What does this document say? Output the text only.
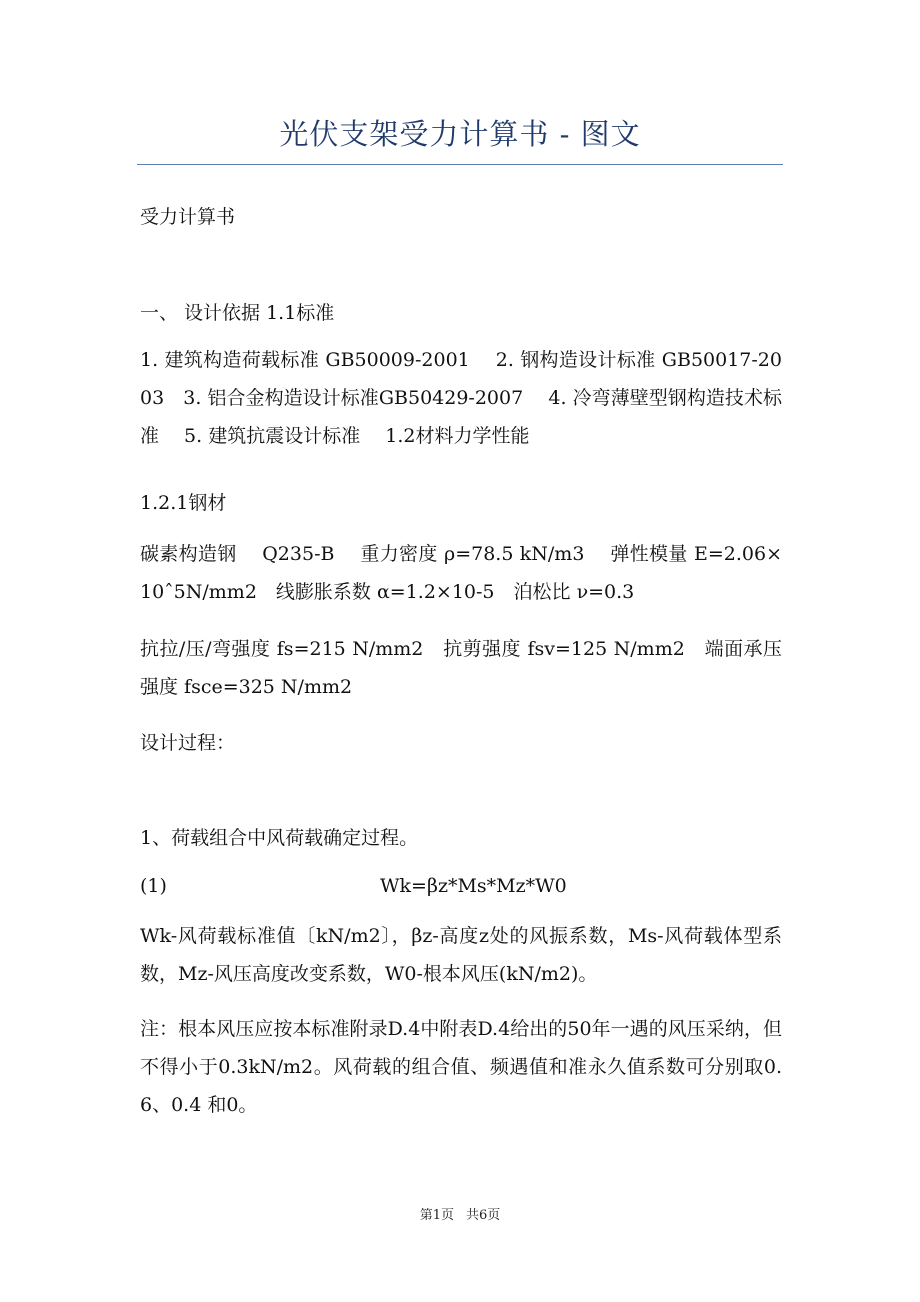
光伏支架受力计算书 - 图文

受力计算书

一、 设计依据 1.1标准

1. 建筑构造荷载标准 GB50009-2001　 2. 钢构造设计标准 GB50017-2003　3. 铝合金构造设计标准GB50429-2007　 4. 冷弯薄壁型钢构造技术标准　 5. 建筑抗震设计标准　 1.2材料力学性能

1.2.1钢材

碳素构造钢　 Q235-B　 重力密度 ρ=78.5 kN/m3　 弹性模量 E=2.06×10ˆ5N/mm2　线膨胀系数 α=1.2×10-5　泊松比 ν=0.3

抗拉/压/弯强度 fs=215 N/mm2　抗剪强度 fsv=125 N/mm2　端面承压强度 fsce=325 N/mm2

设计过程：

1、荷载组合中风荷载确定过程。

(1)	Wk=βz*Ms*Mz*W0

Wk-风荷载标准值〔kN/m2〕，βz-高度z处的风振系数，Ms-风荷载体型系数，Mz-风压高度改变系数，W0-根本风压(kN/m2)。

注：根本风压应按本标准附录D.4中附表D.4给出的50年一遇的风压采纳，但不得小于0.3kN/m2。风荷载的组合值、频遇值和准永久值系数可分别取0.6、0.4 和0。

第1页 共6页
